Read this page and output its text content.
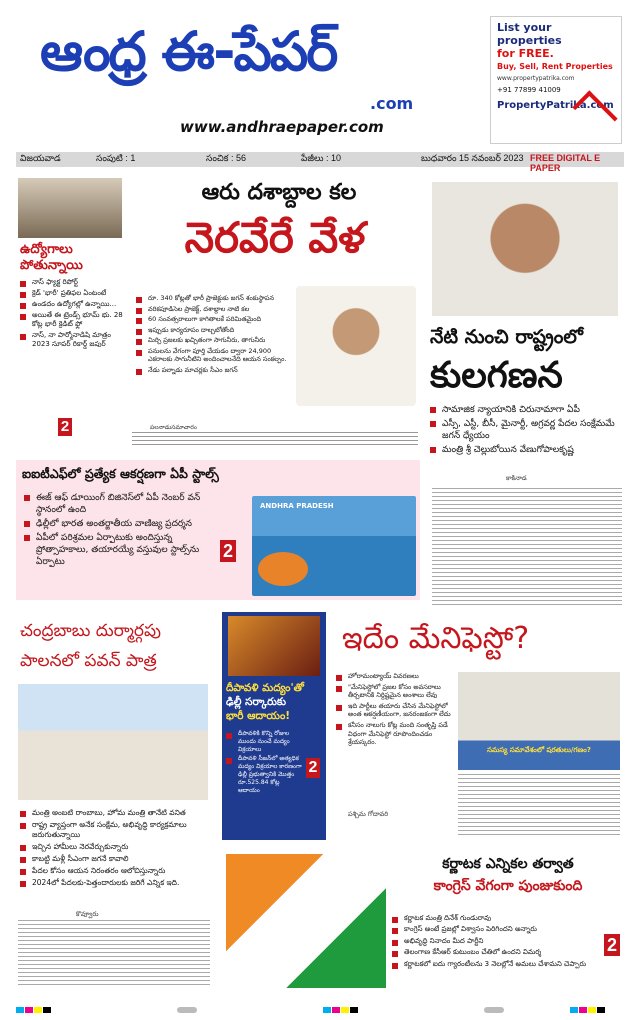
ఆంధ్ర ఈ-పేపర్
.com
www.andhraepaper.com
List your
properties
for FREE.
Buy, Sell, Rent Properties
www.propertypatrika.com
+91 77899 41009
PropertyPatrika.com
విజయవాడ	సంపుటి : 1	సంచిక : 56	పేజీలు : 10	బుధవారం 15 నవంబర్ 2023 FREE DIGITAL E PAPER
ఉద్యోగాలు పోతున్నాయి
నాస్ ఫ్యాక్ట రిపోర్ట్
క్రెడ్ 'భారీ' ప్రతిఫల ఏంటంటే
ఉండదం ఉద్యోగల్లో ఉన్నాయి...
అయితే ఈ ట్రెండ్స్ భూమ్ భు. 28 కోట్ల భారీ క్రెడిట్ ఫ్లో
నాస్, నా పార్మోనాడిషి మాత్రం 2023 సూపర్ రికార్డ్ జపుర్
2
ఆరు దశాబ్దాల కల
నెరవేరే వేళ
రూ. 340 కోట్లతో భారీ ప్రాజెక్టుకు జగన్ శంకుస్థాపన
వరికపూడిసెల ప్రాజెక్ట్, దశాబ్దాల నాటి కల
60 సంవత్సరాలుగా కాగితాలకే పరిమితమైంది
ఇప్పుడు కార్యరూపం దాల్చబోతోంది
మిర్చి ప్రజలకు ఖచ్చితంగా సాగునీరు, తాగునీరు
పనులను వేగంగా పూర్తి చేయడం ద్వారా 24,900 ఎకరాలకు సాగునీటిని అందించాలనేది ఆయన సంకల్పం.
నేడు పల్నాడు మాచర్లకు సీఎం జగన్
పలనాడుసమాచారం
నేటి నుంచి రాష్ట్రంలో
కులగణన
సామాజిక న్యాయానికి చిరునామాగా ఏపీ
ఎస్సీ, ఎస్టీ, బీసీ, మైనార్టీ, అగ్రవర్ణ పేదల సంక్షేమమే జగన్ ధ్యేయం
మంత్రి శ్రీ చెల్లుబోయిన వేణుగోపాలకృష్ణ
కాకినాడ
ఐఐటీఎఫ్‌లో ప్రత్యేక ఆకర్షణగా ఏపీ స్టాల్స్
ఈజ్ ఆఫ్ డూయింగ్ బిజినెస్‌లో ఏపీ నెంబర్ వన్ స్థానంలో ఉంది
ఢిల్లీలో భారత అంతర్జాతీయ వాణిజ్య ప్రదర్శన
ఏపీలో పరిశ్రమల ఏర్పాటుకు అందిస్తున్న ప్రోత్సాహకాలు, తయారయ్యే వస్తువుల స్టాల్స్‌ను ఏర్పాటు
2
ANDHRA PRADESH
చంద్రబాబు దుర్మార్గపు
పాలనలో పవన్ పాత్ర
మంత్రి అంబటి రాంబాబు, హోమ మంత్రి తానేటి వనిత
రాష్ట్ర వ్యాప్తంగా అనేక సంక్షేమ, అభివృద్ధి కార్యక్రమాలు జరుగుతున్నాయి
ఇచ్చిన హామీలు నెరవేర్చుకున్నారు
కాబట్టి మళ్లీ సీఎంగా జగనే కావాలి
పేదల కోసం ఆయన నిరంతరం ఆలోచిస్తున్నారు
2024లో పేదలకు-పెత్తందారులకు జరిగే ఎన్నిక ఇది.
కొవ్వూరు
దీపావళి మద్యం'తో
ఢిల్లీ సర్కారుకు
భారీ ఆదాయం!
దీపావళికి కొన్ని రోజుల ముందు నుంచే మద్యం విక్రయాలు
దీపావళి సీజన్‌లో అత్యధిక మద్యం విక్రయాల కారణంగా ఢిల్లీ ప్రభుత్వానికి మొత్తం రూ.525.84 కోట్ల ఆదాయం
2
ఇదేం మేనిఫెస్టో?
హోరామంట్యాయ్ వివరణలు
"మేనిఫెస్టోలో ప్రజల కోసం అవసరాలు తీర్చటానికి నిర్దిష్టమైన అంశాలు లేవు
ఇది పార్టీలు తయారు చేసిన మేనిఫెస్టోలో అంత ఆకర్షణీయంగా, జనరంజకంగా లేదు
కనీసం నాలుగు కోట్ల మంది సంతృప్తి పడే విధంగా మేనిఫెస్టో రూపొందించడం శ్రేయస్కరం.
పశ్చిమ గోదావరి
సమస్య సమావేశంలో షరతులు/గణం?
కర్ణాటక ఎన్నికల తర్వాత
కాంగ్రెస్ వేగంగా పుంజుకుంది
కర్ణాటక మంత్రి దినేశ్ గుండురావు
కాంగ్రెస్ అంటే ప్రజల్లో విశ్వాసం పెరిగిందని అన్నారు
అభివృద్ధి నినాదం మీద పార్టీని
తెలంగాణ కేసీఆర్ కుటుంబం చేతిలో ఉందని విమర్శ
కర్ణాటకలో ఐదు గ్యారంటీలను 3 నెలల్లోనే అమలు చేశామని చెప్పారు
2
